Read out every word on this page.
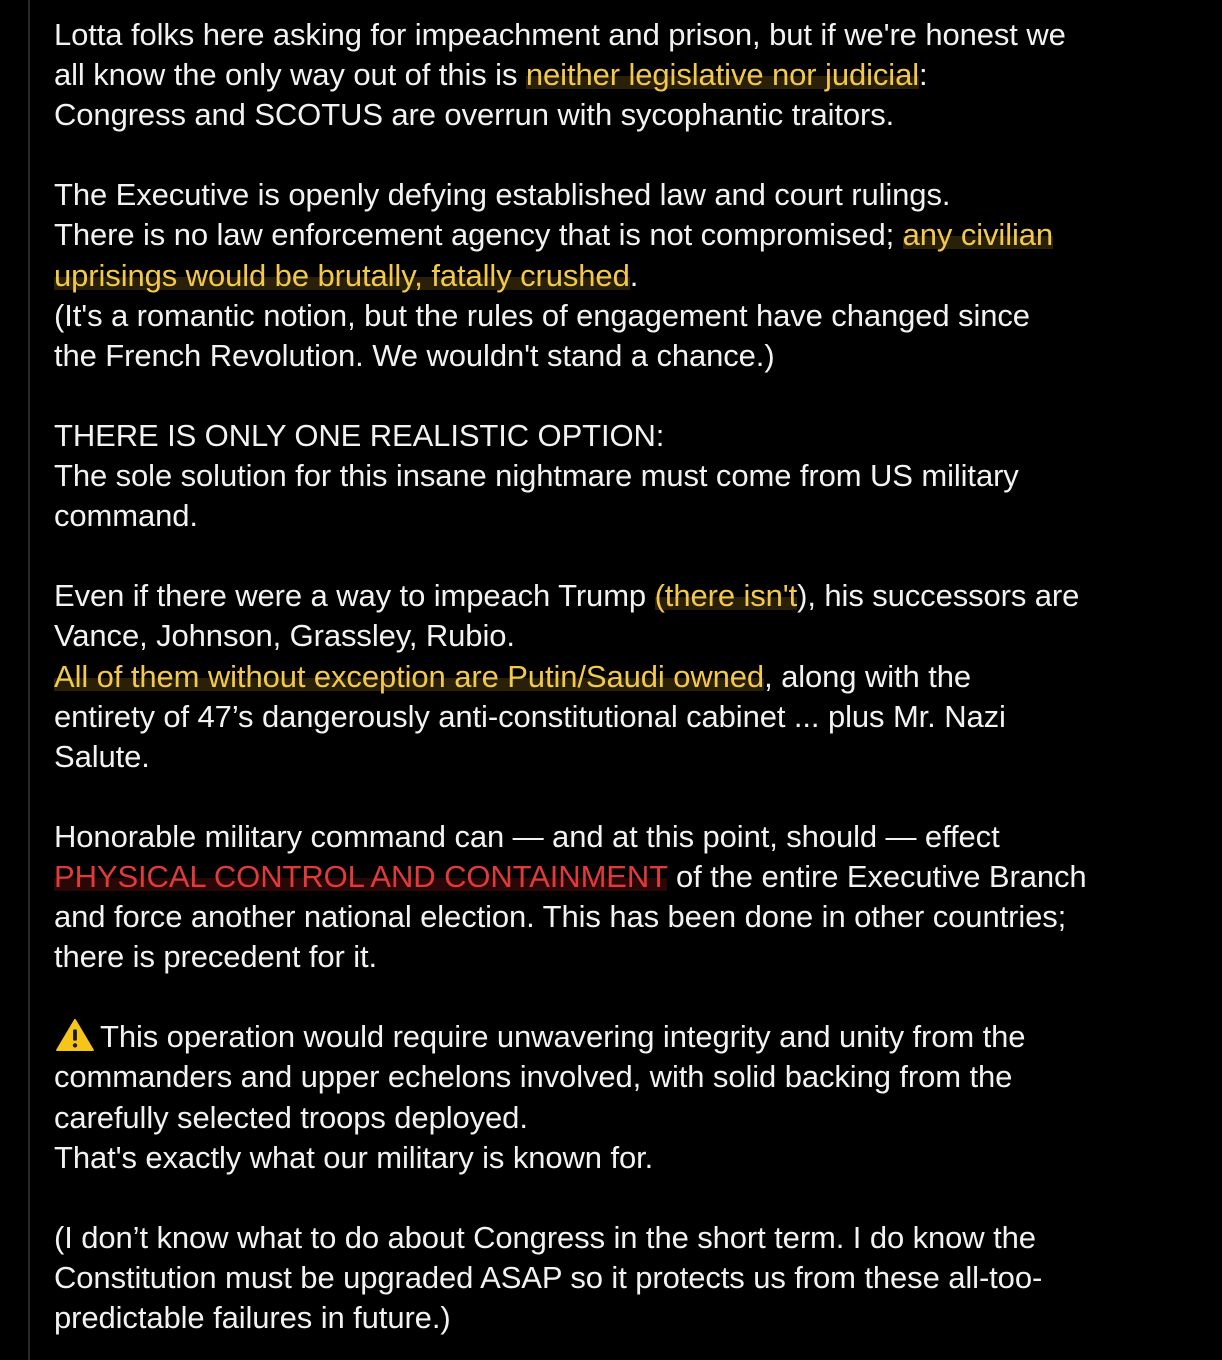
Lotta folks here asking for impeachment and prison, but if we're honest we
all know the only way out of this is neither legislative nor judicial:
Congress and SCOTUS are overrun with sycophantic traitors.

The Executive is openly defying established law and court rulings.
There is no law enforcement agency that is not compromised; any civilian
uprisings would be brutally, fatally crushed.
(It's a romantic notion, but the rules of engagement have changed since
the French Revolution. We wouldn't stand a chance.)

THERE IS ONLY ONE REALISTIC OPTION:
The sole solution for this insane nightmare must come from US military
command.

Even if there were a way to impeach Trump (there isn't), his successors are
Vance, Johnson, Grassley, Rubio.
All of them without exception are Putin/Saudi owned, along with the
entirety of 47’s dangerously anti-constitutional cabinet ... plus Mr. Nazi
Salute.

Honorable military command can — and at this point, should — effect
PHYSICAL CONTROL AND CONTAINMENT of the entire Executive Branch
and force another national election. This has been done in other countries;
there is precedent for it.

This operation would require unwavering integrity and unity from the
commanders and upper echelons involved, with solid backing from the
carefully selected troops deployed.
That's exactly what our military is known for.

(I don’t know what to do about Congress in the short term. I do know the
Constitution must be upgraded ASAP so it protects us from these all-too-
predictable failures in future.)
